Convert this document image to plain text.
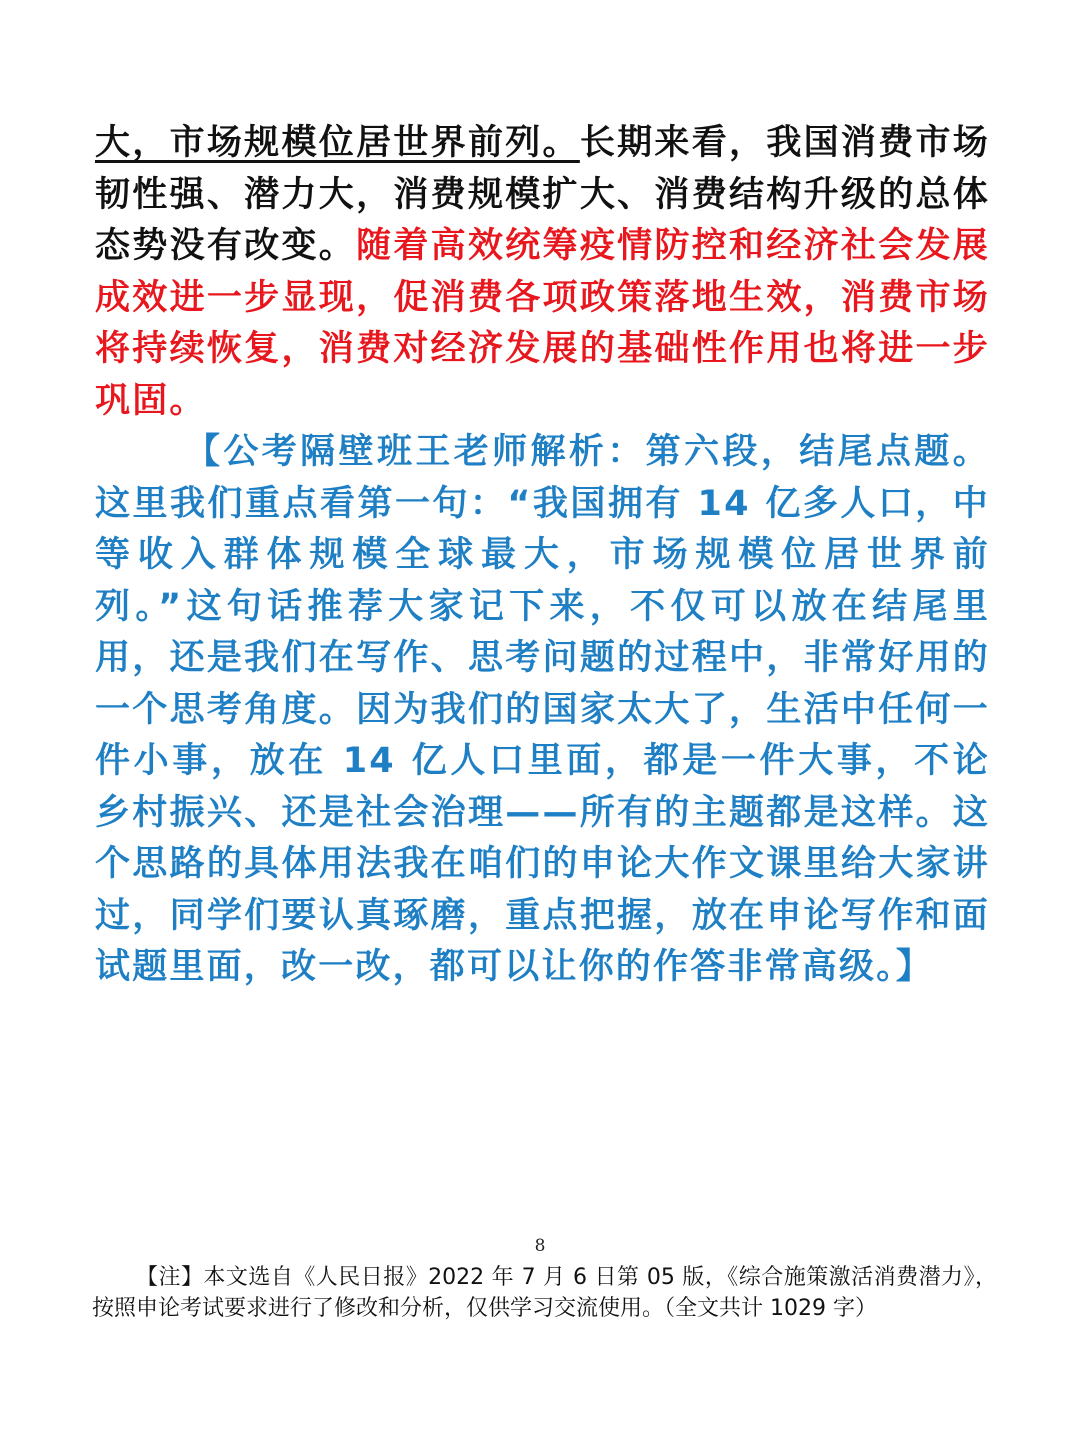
大，市场规模位居世界前列。长期来看，我国消费市场韧性强、潜力大，消费规模扩大、消费结构升级的总体态势没有改变。随着高效统筹疫情防控和经济社会发展成效进一步显现，促消费各项政策落地生效，消费市场将持续恢复，消费对经济发展的基础性作用也将进一步巩固。

【公考隔壁班王老师解析：第六段，结尾点题。这里我们重点看第一句：“我国拥有 14 亿多人口，中等收入群体规模全球最大，市场规模位居世界前列。”这句话推荐大家记下来，不仅可以放在结尾里用，还是我们在写作、思考问题的过程中，非常好用的一个思考角度。因为我们的国家太大了，生活中任何一件小事，放在 14 亿人口里面，都是一件大事，不论乡村振兴、还是社会治理——所有的主题都是这样。这个思路的具体用法我在咱们的申论大作文课里给大家讲过，同学们要认真琢磨，重点把握，放在申论写作和面试题里面，改一改，都可以让你的作答非常高级。】

8
【注】本文选自《人民日报》2022 年 7 月 6 日第 05 版，《综合施策激活消费潜力》，按照申论考试要求进行了修改和分析，仅供学习交流使用。（全文共计 1029 字）
